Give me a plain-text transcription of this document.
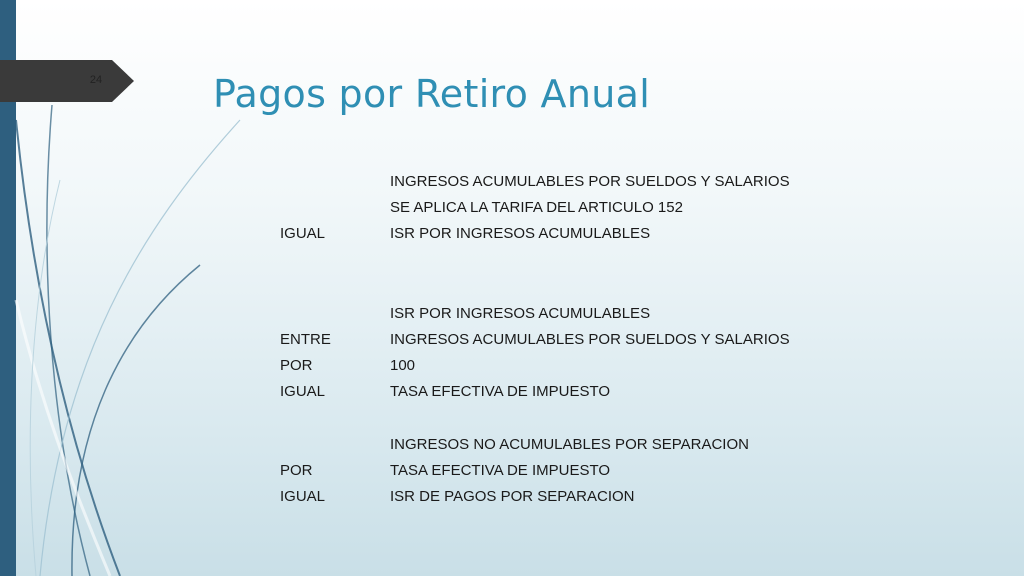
24	Pagos por Retiro Anual
	INGRESOS ACUMULABLES POR SUELDOS Y SALARIOS
	SE APLICA LA TARIFA DEL ARTICULO 152
IGUAL	ISR POR INGRESOS ACUMULABLES

	ISR POR INGRESOS ACUMULABLES
ENTRE	INGRESOS ACUMULABLES POR SUELDOS Y SALARIOS
POR	100
IGUAL	TASA EFECTIVA DE IMPUESTO

	INGRESOS NO ACUMULABLES POR SEPARACION
POR	TASA EFECTIVA DE IMPUESTO
IGUAL	ISR DE PAGOS POR SEPARACION
